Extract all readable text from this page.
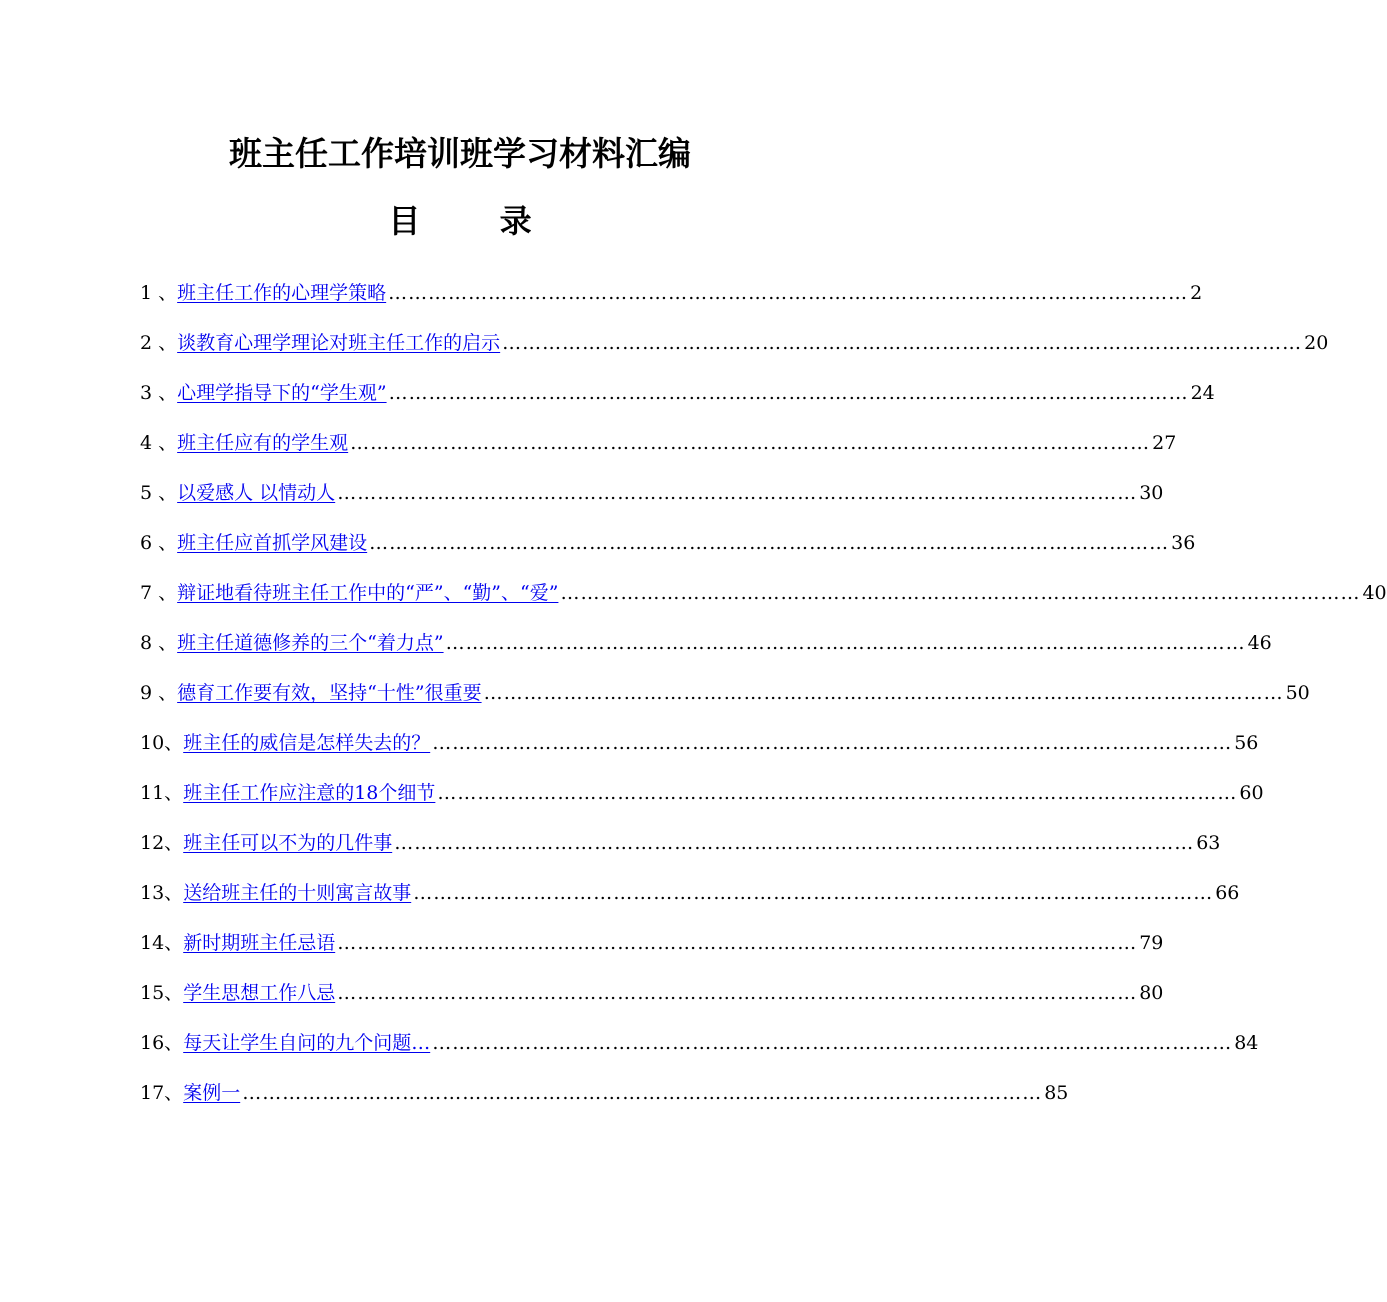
班主任工作培训班学习材料汇编
目 录
1 、 班主任工作的心理学策略 ………………………………………………………………………………………………………… 2
2 、 谈教育心理学理论对班主任工作的启示 ………………………………………………………………………………………………………… 20
3 、 心理学指导下的“学生观” ………………………………………………………………………………………………………… 24
4 、 班主任应有的学生观 ………………………………………………………………………………………………………… 27
5 、 以爱感人 以情动人 ………………………………………………………………………………………………………… 30
6 、 班主任应首抓学风建设 ………………………………………………………………………………………………………… 36
7 、 辩证地看待班主任工作中的“严”、“勤”、“爱” ………………………………………………………………………………………………………… 40
8 、 班主任道德修养的三个“着力点” ………………………………………………………………………………………………………… 46
9 、 德育工作要有效，坚持“十性”很重要 ………………………………………………………………………………………………………… 50
10、 班主任的威信是怎样失去的？ ………………………………………………………………………………………………………… 56
11、 班主任工作应注意的18个细节 ………………………………………………………………………………………………………… 60
12、 班主任可以不为的几件事 ………………………………………………………………………………………………………… 63
13、 送给班主任的十则寓言故事 ………………………………………………………………………………………………………… 66
14、 新时期班主任忌语 ………………………………………………………………………………………………………… 79
15、 学生思想工作八忌 ………………………………………………………………………………………………………… 80
16、 每天让学生自问的九个问题… ………………………………………………………………………………………………………… 84
17、 案例一 ………………………………………………………………………………………………………… 85
